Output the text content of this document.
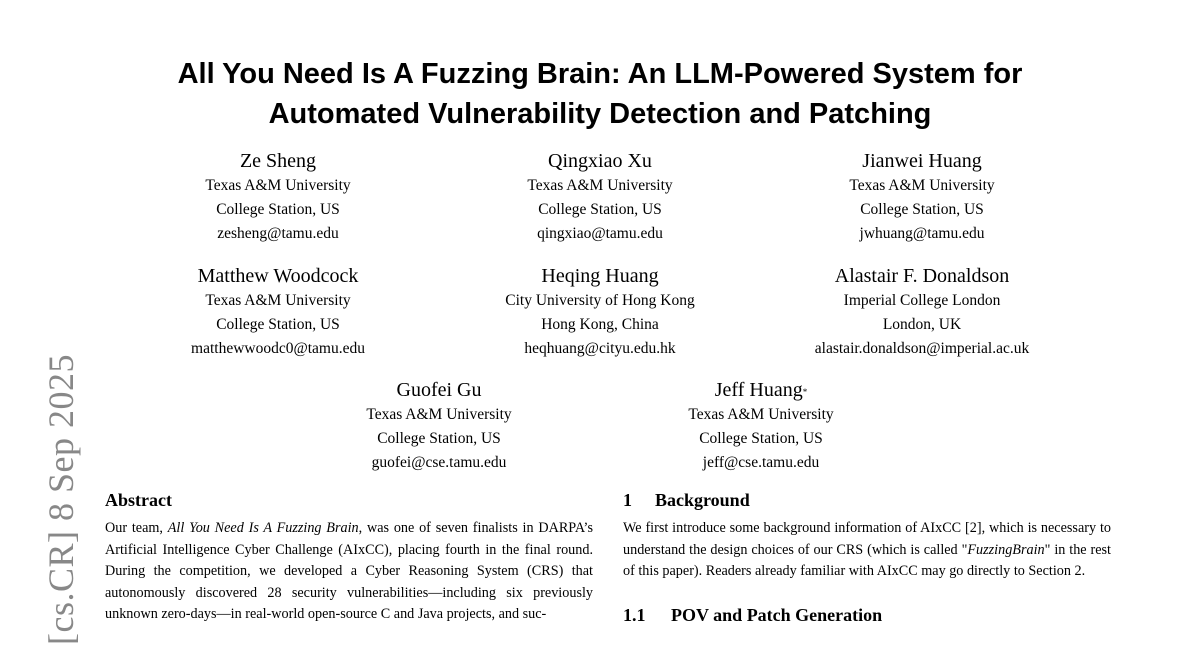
[cs.CR] 8 Sep 2025
All You Need Is A Fuzzing Brain: An LLM-Powered System for
Automated Vulnerability Detection and Patching
Ze Sheng
Texas A&M University
College Station, US
zesheng@tamu.edu
Qingxiao Xu
Texas A&M University
College Station, US
qingxiao@tamu.edu
Jianwei Huang
Texas A&M University
College Station, US
jwhuang@tamu.edu
Matthew Woodcock
Texas A&M University
College Station, US
matthewwoodc0@tamu.edu
Heqing Huang
City University of Hong Kong
Hong Kong, China
heqhuang@cityu.edu.hk
Alastair F. Donaldson
Imperial College London
London, UK
alastair.donaldson@imperial.ac.uk
Guofei Gu
Texas A&M University
College Station, US
guofei@cse.tamu.edu
Jeff Huang*
Texas A&M University
College Station, US
jeff@cse.tamu.edu

Abstract

Our team, All You Need Is A Fuzzing Brain, was one of seven finalists in DARPA’s Artificial Intelligence Cyber Challenge (AIxCC), placing fourth in the final round. During the competition, we developed a Cyber Reasoning System (CRS) that autonomously discovered 28 security vulnerabilities—including six previously unknown zero-days—in real-world open-source C and Java projects, and suc-

1 Background

We first introduce some background information of AIxCC [2], which is necessary to understand the design choices of our CRS (which is called "FuzzingBrain" in the rest of this paper). Readers already familiar with AIxCC may go directly to Section 2.

1.1 POV and Patch Generation
